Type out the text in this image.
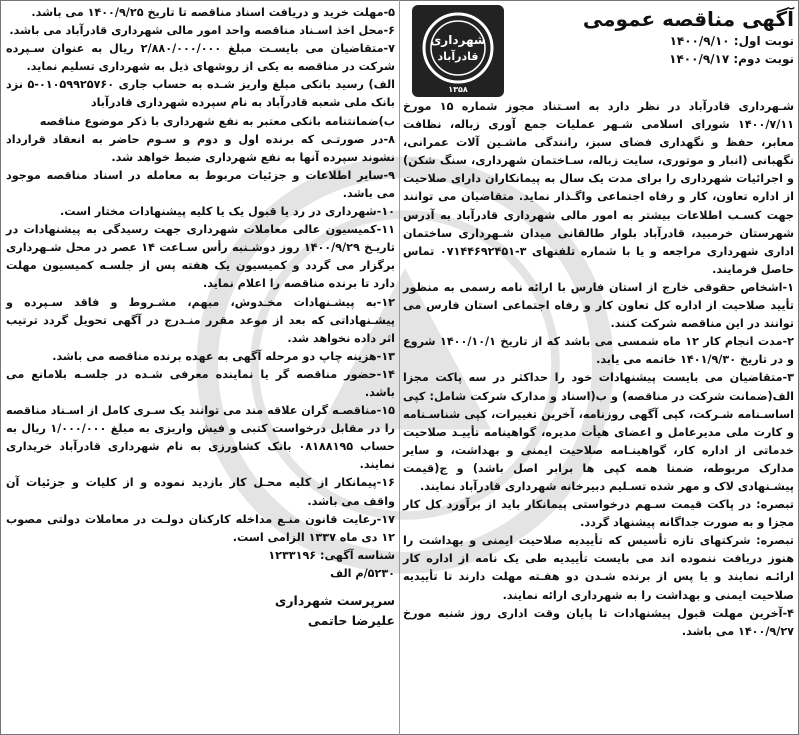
آگهی مناقصه عمومی
نوبت اول: ۱۴۰۰/۹/۱۰
نوبت دوم: ۱۴۰۰/۹/۱۷
شهرداری
قادرآباد
۱۳۵۸
شـهرداری قادرآباد در نظر دارد به اسـتناد مجوز شماره ۱۵ مورخ ۱۴۰۰/۷/۱۱ شورای اسلامی شـهر عملیات جمع آوری زباله، نظافت معابر، حفظ و نگهداری فضای سبز، رانندگی ماشـین آلات عمرانی، نگهبانی (انبار و موتوری، سایت زباله، سـاختمان شهرداری، سنگ شکن) و اجرائیات شهرداری را برای مدت یک سال به پیمانکاران دارای صلاحیت از اداره تعاون، کار و رفاه اجتماعی واگـذار نماید. متقاضیان می توانند جهت کسـب اطلاعات بیشتر به امور مالی شهرداری قادرآباد به آدرس شهرستان خرمبید، قادرآباد بلوار طالقانی میدان شـهرداری ساختمان اداری شهرداری مراجعه و یا با شماره تلفنهای ۳-۰۷۱۴۴۶۹۲۴۵۱ تماس حاصل فرمایند.
۱-اشخاص حقوقی خارج از استان فارس با ارائه نامه رسمی به منظور تأیید صلاحیت از اداره کل تعاون کار و رفاه اجتماعی استان فارس می توانند در این مناقصه شرکت کنند.
۲-مدت انجام کار ۱۲ ماه شمسی می باشد که از تاریخ ۱۴۰۰/۱۰/۱ شروع و در تاریخ ۱۴۰۱/۹/۳۰ خاتمه می یابد.
۳-متقاضیان می بایست پیشنهادات خود را حداکثر در سه پاکت مجزا الف(ضمانت شرکت در مناقصه) و ب(اسناد و مدارک شرکت شامل: کپی اساسـنامه شـرکت، کپی آگهی روزنامه، آخرین تغییرات، کپی شناسـنامه و کارت ملی مدیرعامل و اعضای هیأت مدیره، گواهینامه تأییـد صلاحیت خدماتی از اداره کار، گواهینـامه صلاحیت ایمنی و بهداشت، و سایر مدارک مربوطه، ضمنا همه کپی ها برابر اصل باشد) و ج(قیمت پیشـنهادی لاک و مهر شده تسـلیم دبیرخانه شهرداری قادرآباد نمایند.
تبصره: در پاکت قیمت سـهم درخواستی پیمانکار باید از برآورد کل کار مجزا و به صورت جداگانه پیشنهاد گردد.
تبصره: شرکتهای تازه تأسیس که تأییدیه صلاحیت ایمنی و بهداشت را هنوز دریافت ننموده اند می بایست تأییدیه طی یک نامه از اداره کار ارائـه نمایند و یا پس از برنده شـدن دو هفـته مهلت دارند تا تأییدیه صلاحیت ایمنی و بهداشت را به شهرداری ارائه نمایند.
۴-آخرین مهلت قبول پیشنهادات تا پایان وقت اداری روز شنبه مورخ ۱۴۰۰/۹/۲۷ می باشد.
۵-مهلت خرید و دریافت اسناد مناقصه تا تاریخ ۱۴۰۰/۹/۲۵ می باشد.
۶-محل اخذ اسـناد مناقصه واحد امور مالی شهرداری قادرآباد می باشد.
۷-متقاضیان می بایسـت مبلغ ۲/۸۸۰/۰۰۰/۰۰۰ ریال به عنوان سـپرده شرکت در مناقصه به یکی از روشهای ذیل به شهرداری تسلیم نماید.
الف) رسید بانکی مبلغ واریز شـده به حساب جاری ۰۱۰۵۹۹۲۵۷۶۰-۵ نزد بانک ملی شعبه قادرآباد به نام سپرده شهرداری قادرآباد
ب)ضمانتنامه بانکی معتبر به نفع شهرداری با ذکر موضوع مناقصه
۸-در صورتـی که برنده اول و دوم و سـوم حاضر به انعقاد قرارداد نشوند سپرده آنها به نفع شهرداری ضبط خواهد شد.
۹-سایر اطلاعات و جزئیات مربوط به معامله در اسناد مناقصه موجود می باشد.
۱۰-شهرداری در رد یا قبول یک یا کلیه پیشنهادات مختار است.
۱۱-کمیسیون عالی معاملات شهرداری جهت رسیدگی به پیشنهادات در تاریـخ ۱۴۰۰/۹/۲۹ روز دوشـنبه رأس سـاعت ۱۴ عصر در محل شـهرداری برگزار می گردد و کمیسیون یک هفته پس از جلسـه کمیسیون مهلت دارد تا برنده مناقصه را اعلام نماید.
۱۲-به پیشـنهادات مخـدوش، مبهم، مشـروط و فاقد سـپرده و پیشـنهاداتی که بعد از موعد مقرر منـدرج در آگهی تحویل گردد ترتیب اثر داده نخواهد شد.
۱۳-هزینه چاپ دو مرحله آگهی به عهده برنده مناقصه می باشد.
۱۴-حضور مناقصه گر یا نماینده معرفی شـده در جلسـه بلامانع می باشد.
۱۵-مناقصـه گران علاقه مند می توانند یک سـری کامل از اسـناد مناقصه را در مقابل درخواست کتبی و فیش واریزی به مبلغ ۱/۰۰۰/۰۰۰ ریال به حساب ۰۸۱۸۸۱۹۵ بانک کشاورزی به نام شهرداری قادرآباد خریداری نمایند.
۱۶-پیمانکار از کلیه محـل کار بازدید نموده و از کلیات و جزئیات آن واقف می باشد.
۱۷-رعایت قانون منـع مداخله کارکنان دولـت در معاملات دولتی مصوب ۱۲ دی ماه ۱۳۳۷ الزامی است.
شناسه آگهی: ۱۲۳۳۱۹۶
۵۲۳۰/م الف
سرپرست شهرداری
علیرضا حاتمی
